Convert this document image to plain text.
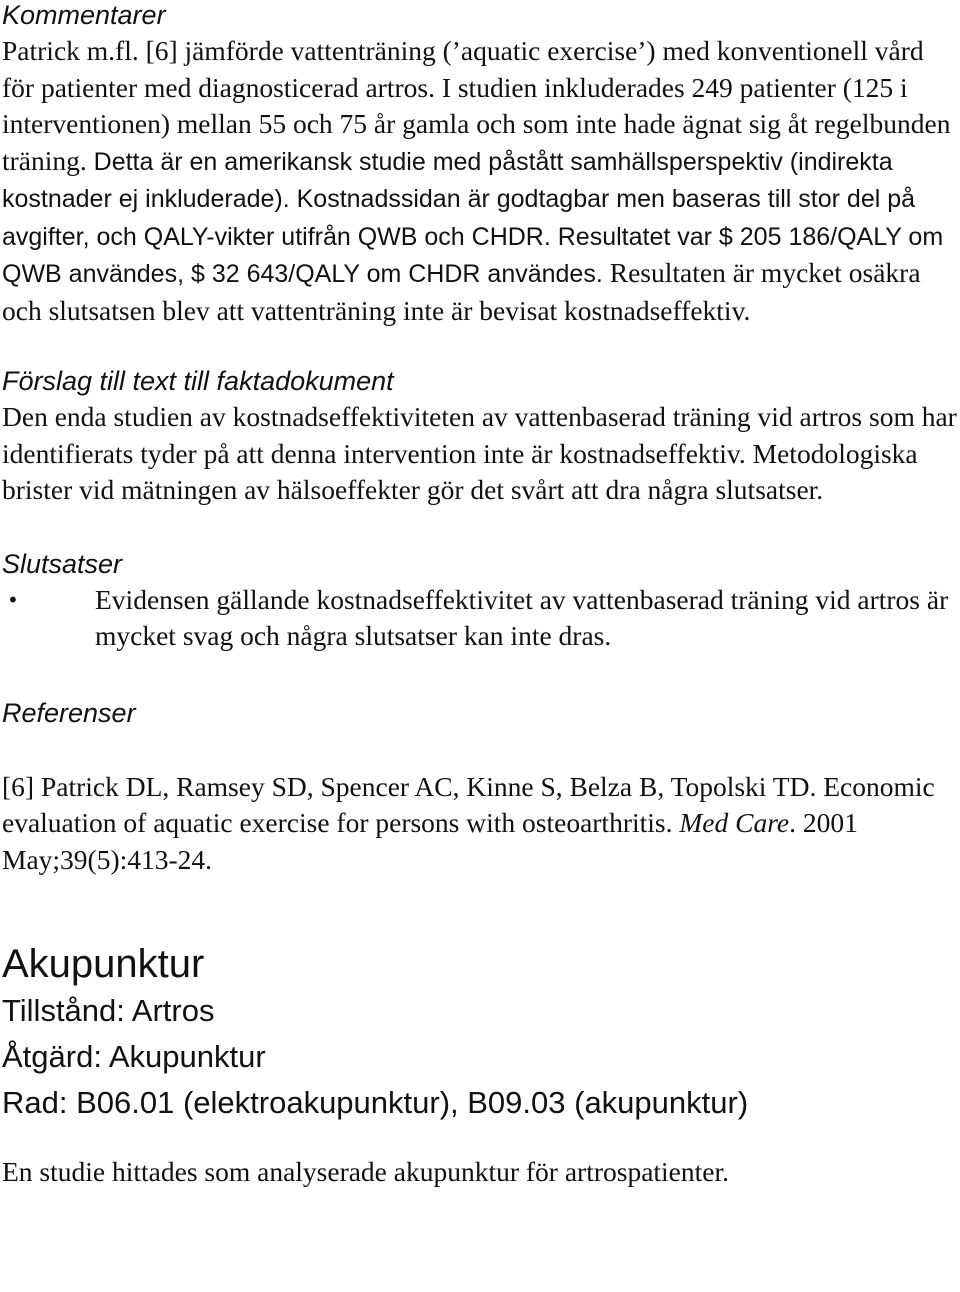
Kommentarer

Patrick m.fl. [6] jämförde vattenträning (’aquatic exercise’) med konventionell vård för patienter med diagnosticerad artros. I studien inkluderades 249 patienter (125 i interventionen) mellan 55 och 75 år gamla och som inte hade ägnat sig åt regelbunden träning. Detta är en amerikansk studie med påstått samhällsperspektiv (indirekta kostnader ej inkluderade). Kostnadssidan är godtagbar men baseras till stor del på avgifter, och QALY-vikter utifrån QWB och CHDR. Resultatet var $ 205 186/QALY om QWB användes, $ 32 643/QALY om CHDR användes. Resultaten är mycket osäkra och slutsatsen blev att vattenträning inte är bevisat kostnadseffektiv.

Förslag till text till faktadokument

Den enda studien av kostnadseffektiviteten av vattenbaserad träning vid artros som har identifierats tyder på att denna intervention inte är kostnadseffektiv. Metodologiska brister vid mätningen av hälsoeffekter gör det svårt att dra några slutsatser.

Slutsatser
•	Evidensen gällande kostnadseffektivitet av vattenbaserad träning vid artros är mycket svag och några slutsatser kan inte dras.
Referenser

[6] Patrick DL, Ramsey SD, Spencer AC, Kinne S, Belza B, Topolski TD. Economic evaluation of aquatic exercise for persons with osteoarthritis. Med Care. 2001 May;39(5):413-24.

Akupunktur
Tillstånd: Artros
Åtgärd: Akupunktur
Rad: B06.01 (elektroakupunktur), B09.03 (akupunktur)

En studie hittades som analyserade akupunktur för artrospatienter.
